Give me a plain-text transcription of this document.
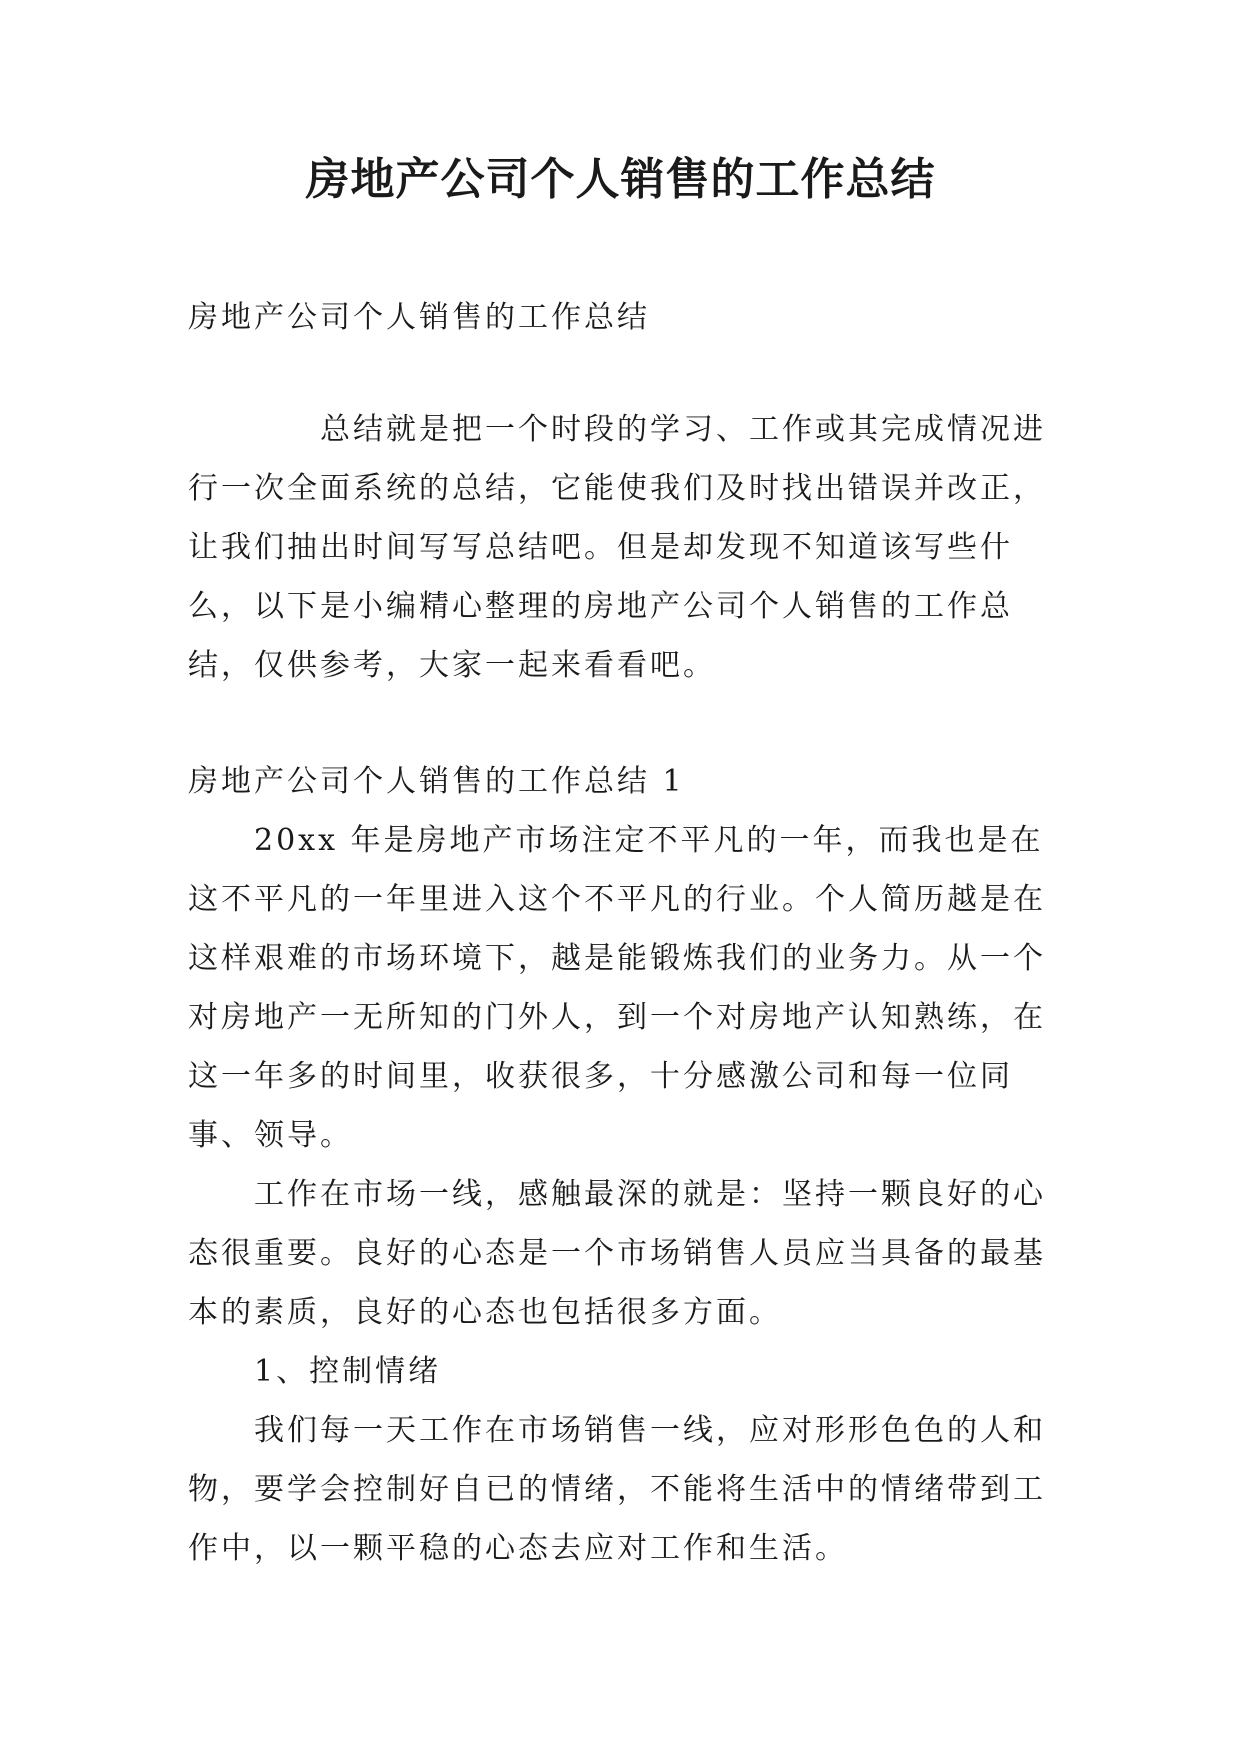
房地产公司个人销售的工作总结

房地产公司个人销售的工作总结

总结就是把一个时段的学习、工作或其完成情况进行一次全面系统的总结，它能使我们及时找出错误并改正，让我们抽出时间写写总结吧。但是却发现不知道该写些什么，以下是小编精心整理的房地产公司个人销售的工作总结，仅供参考，大家一起来看看吧。

房地产公司个人销售的工作总结 1

20xx 年是房地产市场注定不平凡的一年，而我也是在这不平凡的一年里进入这个不平凡的行业。个人简历越是在这样艰难的市场环境下，越是能锻炼我们的业务力。从一个对房地产一无所知的门外人，到一个对房地产认知熟练，在这一年多的时间里，收获很多，十分感激公司和每一位同事、领导。

工作在市场一线，感触最深的就是：坚持一颗良好的心态很重要。良好的心态是一个市场销售人员应当具备的最基本的素质，良好的心态也包括很多方面。

1、控制情绪

我们每一天工作在市场销售一线，应对形形色色的人和物，要学会控制好自已的情绪，不能将生活中的情绪带到工作中，以一颗平稳的心态去应对工作和生活。
